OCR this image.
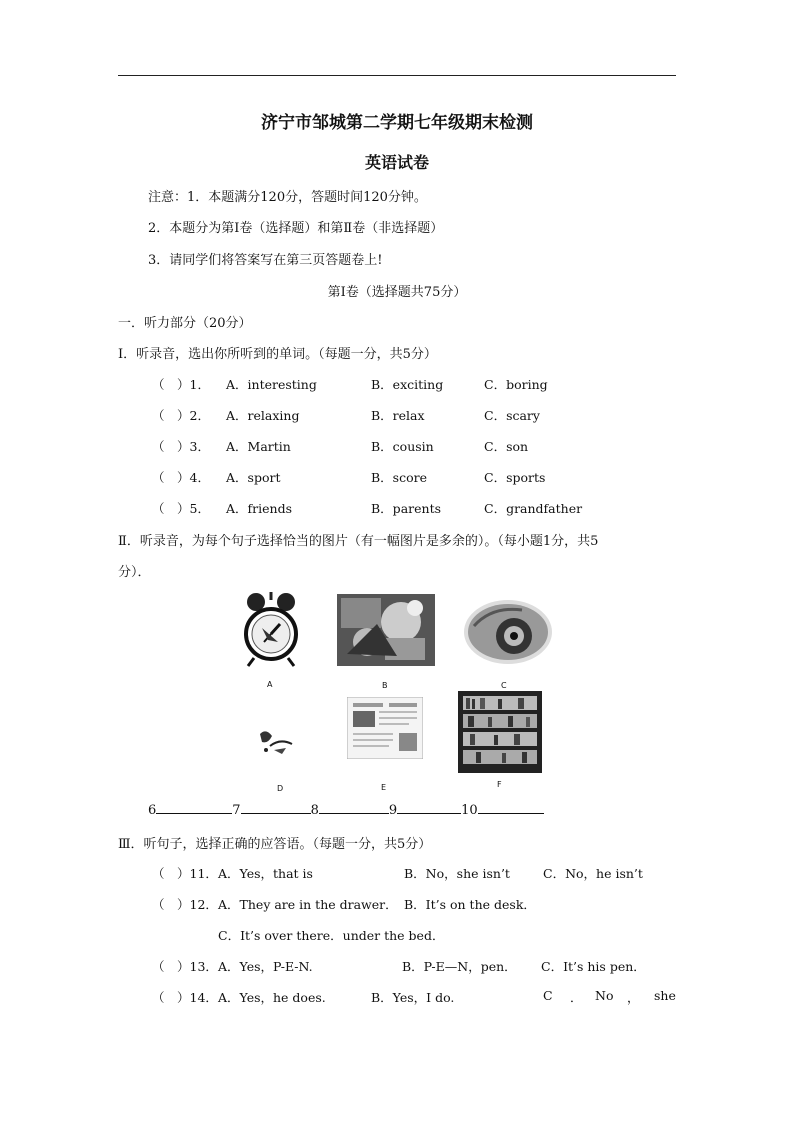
济宁市邹城第二学期七年级期末检测
英语试卷
注意：1．本题满分120分，答题时间120分钟。
2．本题分为第Ⅰ卷（选择题）和第Ⅱ卷（非选择题）
3．请同学们将答案写在第三页答题卷上!
第Ⅰ卷（选择题共75分）
一．听力部分（20分）
Ⅰ．听录音，选出你所听到的单词。（每题一分，共5分）
（　）1． A．interesting	B．exciting	C．boring
（　）2． A．relaxing	B．relax	C．scary
（　）3． A．Martin	B．cousin	C．son
（　）4． A．sport	B．score	C．sports
（　）5． A．friends	B．parents	C．grandfather
Ⅱ．听录音，为每个句子选择恰当的图片（有一幅图片是多余的）。（每小题1分，共5
分）．
A	B	C
D	E	F
6	7	8	9	10
Ⅲ．听句子，选择正确的应答语。（每题一分，共5分）
（　）11． A．Yes，that is	B．No，she isn’t	C．No，he isn’t
（　）12． A．They are in the drawer． B．It’s on the desk．
C．It’s over there．under the bed．
（　）13． A．Yes，P-E-N.	B．P-E—N，pen． C．It’s his pen．
（　）14． A．Yes，he does.	B．Yes，I do.	C ． No ， she
